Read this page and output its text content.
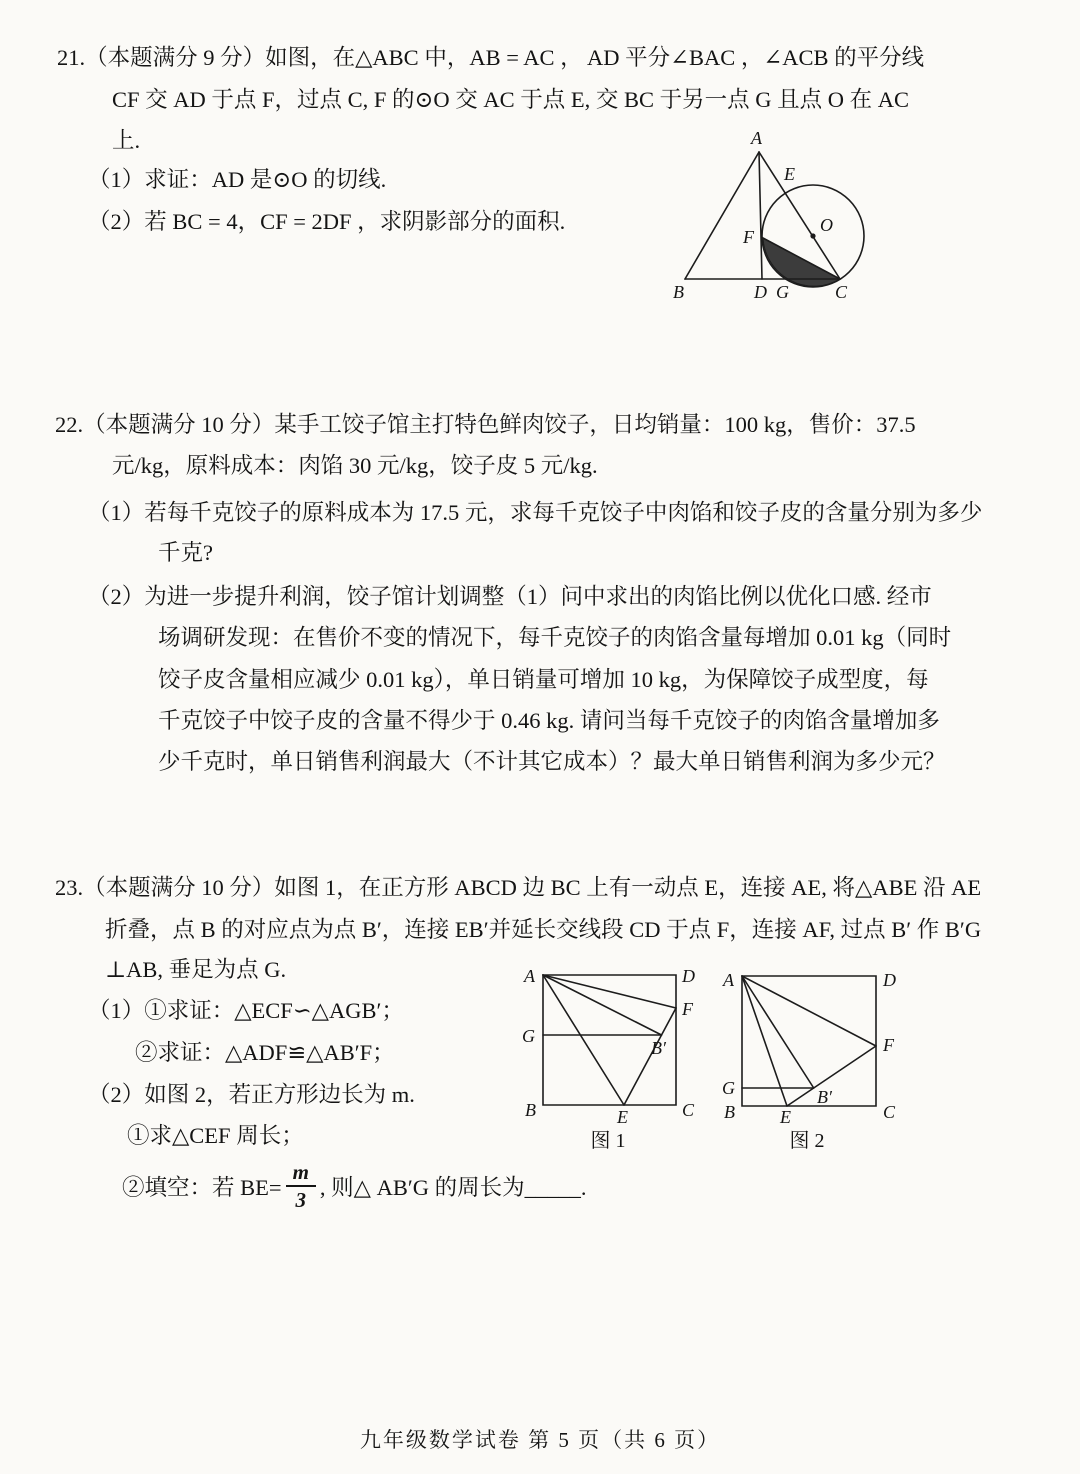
21.（本题满分 9 分）如图，在△ABC 中，AB = AC ， AD 平分∠BAC ，∠ACB 的平分线
CF 交 AD 于点 F，过点 C, F 的⊙O 交 AC 于点 E, 交 BC 于另一点 G 且点 O 在 AC
上.
（1）求证：AD 是⊙O 的切线.
（2）若 BC = 4，CF = 2DF ，求阴影部分的面积.
A
E
O
F
B	D G	C
22.（本题满分 10 分）某手工饺子馆主打特色鲜肉饺子，日均销量：100 kg，售价：37.5
元/kg，原料成本：肉馅 30 元/kg，饺子皮 5 元/kg.
（1）若每千克饺子的原料成本为 17.5 元，求每千克饺子中肉馅和饺子皮的含量分别为多少
千克?
（2）为进一步提升利润，饺子馆计划调整（1）问中求出的肉馅比例以优化口感. 经市
场调研发现：在售价不变的情况下，每千克饺子的肉馅含量每增加 0.01 kg（同时
饺子皮含量相应减少 0.01 kg），单日销量可增加 10 kg，为保障饺子成型度，每
千克饺子中饺子皮的含量不得少于 0.46 kg. 请问当每千克饺子的肉馅含量增加多
少千克时，单日销售利润最大（不计其它成本）？最大单日销售利润为多少元？
23.（本题满分 10 分）如图 1，在正方形 ABCD 边 BC 上有一动点 E，连接 AE, 将△ABE 沿 AE
折叠，点 B 的对应点为点 B′，连接 EB′并延长交线段 CD 于点 F，连接 AF, 过点 B′ 作 B′G
⊥AB, 垂足为点 G.
（1）①求证：△ECF∽△AGB′；
②求证：△ADF≌△AB′F；
（2）如图 2，若正方形边长为 m.
①求△CEF 周长；
②填空：若 $BE= \frac{m}{3}$ , 则△ AB′G 的周长为_____.
A	D
F
G
B′
B	E	C
图 1
A	D
F
G	B′
B	E	C
图 2
九年级数学试卷 第 5 页（共 6 页）
